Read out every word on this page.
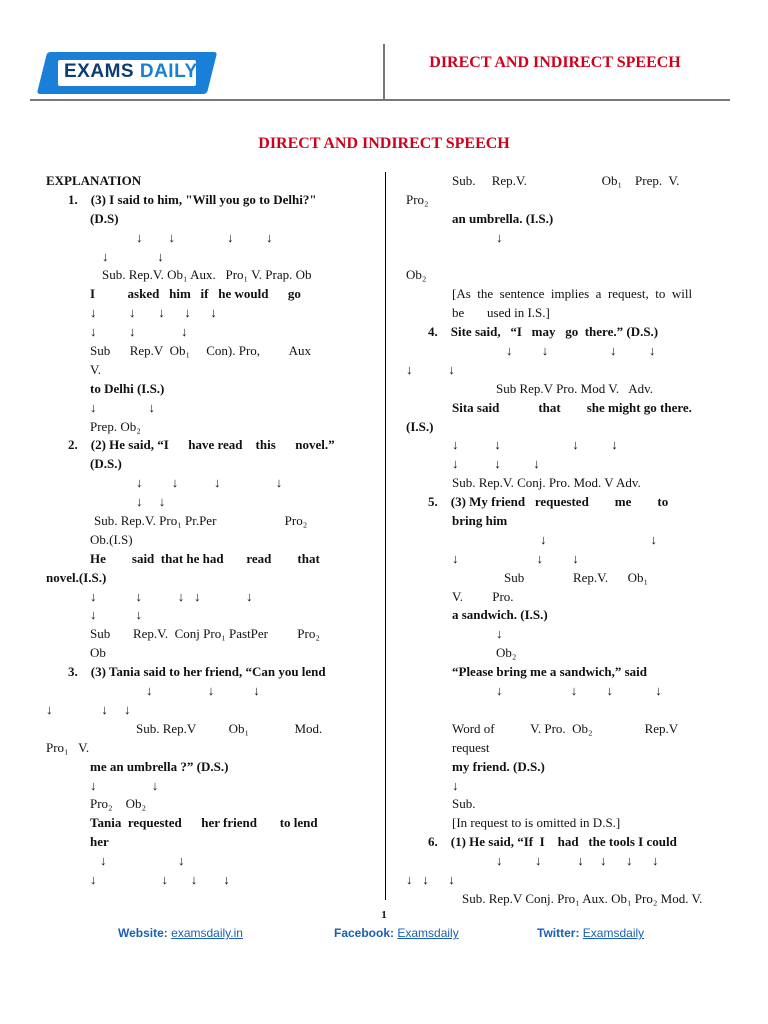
EXAMS DAILY	DIRECT AND INDIRECT SPEECH
DIRECT AND INDIRECT SPEECH
EXPLANATION
1.    (3) I said to him, "Will you go to Delhi?"
(D.S)
↓        ↓                ↓          ↓
↓               ↓
Sub. Rep.V. Ob₁ Aux.   Pro₁ V. Prap. Ob
I          asked   him   if   he would      go
↓          ↓       ↓      ↓      ↓
↓          ↓              ↓
Sub      Rep.V  Ob₁     Con). Pro,         Aux
V.
to Delhi (I.S.)
↓                ↓
Prep. Ob₂
2.    (2) He said, “I      have read    this      novel.”
(D.S.)
↓         ↓           ↓                 ↓
↓     ↓
Sub. Rep.V. Pro₁ Pr.Per                     Pro₂
Ob.(I.S)
He        said  that he had       read        that
novel.(I.S.)
↓            ↓           ↓   ↓              ↓
↓            ↓
Sub       Rep.V.  Conj Pro₁ PastPer         Pro₂
Ob
3.    (3) Tania said to her friend, “Can you lend
↓                 ↓            ↓
↓               ↓     ↓
Sub. Rep.V          Ob₁              Mod.
Pro₁   V.
me an umbrella ?” (D.S.)
↓                 ↓
Pro₂    Ob₂
Tania  requested      her friend       to lend
her
↓                      ↓
↓                    ↓       ↓        ↓
Sub.     Rep.V.                       Ob₁    Prep.  V.
Pro₂
an umbrella. (I.S.)
↓
Ob₂
[As  the  sentence  implies  a  request,  to  will
be       used in I.S.]
4.    Site said,   “I   may   go  there.” (D.S.)
↓         ↓                   ↓          ↓
↓           ↓
Sub Rep.V Pro. Mod V.   Adv.
Sita said            that        she might go there.
(I.S.)
↓           ↓                      ↓          ↓
↓           ↓          ↓
Sub. Rep.V. Conj. Pro. Mod. V Adv.
5.    (3) My friend   requested        me        to
bring him
↓                                ↓
↓                        ↓         ↓
Sub               Rep.V.      Ob₁
V.         Pro.
a sandwich. (I.S.)
↓
Ob₂
“Please bring me a sandwich,” said
↓                     ↓         ↓             ↓
Word of           V. Pro.  Ob₂                Rep.V
request
my friend. (D.S.)
↓
Sub.
[In request to is omitted in D.S.]
6.    (1) He said, “If  I    had   the tools I could
↓          ↓           ↓     ↓      ↓      ↓
↓   ↓      ↓
Sub. Rep.V Conj. Pro₁ Aux. Ob₁ Pro₂ Mod. V.
1
Website: examsdaily.in	Facebook: Examsdaily	Twitter: Examsdaily
